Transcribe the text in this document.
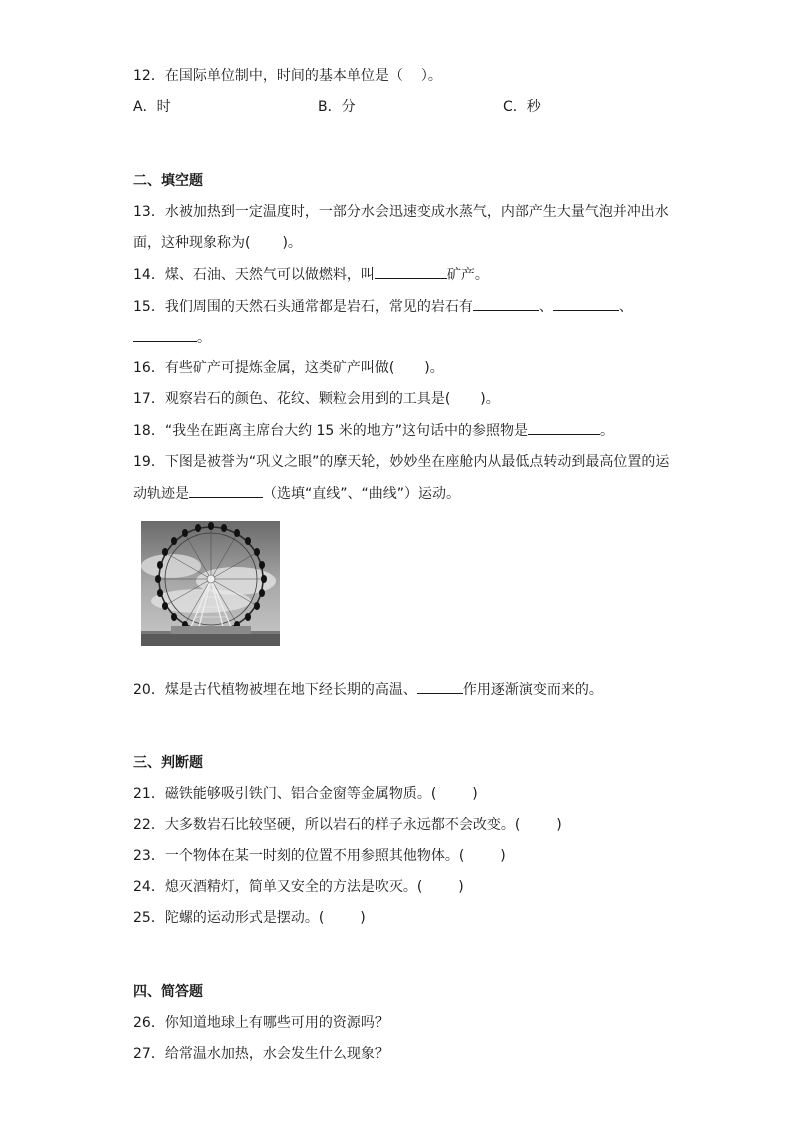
12．在国际单位制中，时间的基本单位是（ ）。
A．时	B．分	C．秒
二、填空题
13．水被加热到一定温度时，一部分水会迅速变成水蒸气，内部产生大量气泡并冲出水
面，这种现象称为( )。
14．煤、石油、天然气可以做燃料，叫	矿产。
15．我们周围的天然石头通常都是岩石，常见的岩石有	、	、
。
16．有些矿产可提炼金属，这类矿产叫做( )。
17．观察岩石的颜色、花纹、颗粒会用到的工具是( )。
18．“我坐在距离主席台大约 15 米的地方”这句话中的参照物是	。
19．下图是被誉为“巩义之眼”的摩天轮，妙妙坐在座舱内从最低点转动到最高位置的运
动轨迹是	（选填“直线”、“曲线”）运动。
20．煤是古代植物被埋在地下经长期的高温、	作用逐渐演变而来的。
三、判断题
21．磁铁能够吸引铁门、铝合金窗等金属物质。(	)
22．大多数岩石比较坚硬，所以岩石的样子永远都不会改变。(	)
23．一个物体在某一时刻的位置不用参照其他物体。(	)
24．熄灭酒精灯，简单又安全的方法是吹灭。(	)
25．陀螺的运动形式是摆动。(	)
四、简答题
26．你知道地球上有哪些可用的资源吗？
27．给常温水加热，水会发生什么现象？
